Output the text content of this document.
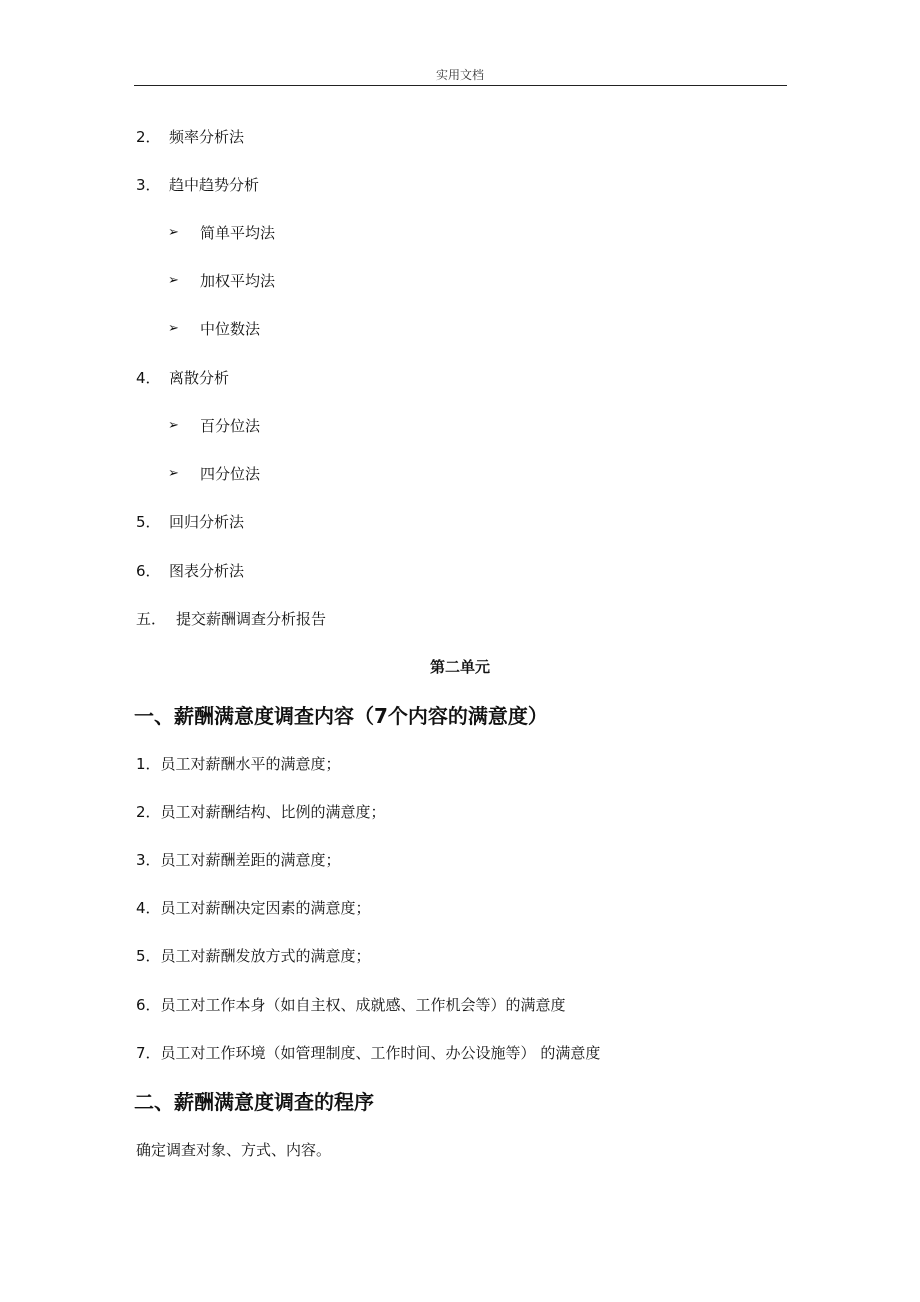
实用文档
2． 频率分析法
3． 趋中趋势分析
➢ 简单平均法
➢ 加权平均法
➢ 中位数法
4． 离散分析
➢ 百分位法
➢ 四分位法
5． 回归分析法
6． 图表分析法
五． 提交薪酬调查分析报告
第二单元
一、薪酬满意度调查内容（7个内容的满意度）
1．员工对薪酬水平的满意度；
2．员工对薪酬结构、比例的满意度；
3．员工对薪酬差距的满意度；
4．员工对薪酬决定因素的满意度；
5．员工对薪酬发放方式的满意度；
6．员工对工作本身（如自主权、成就感、工作机会等）的满意度
7．员工对工作环境（如管理制度、工作时间、办公设施等） 的满意度
二、薪酬满意度调查的程序
确定调查对象、方式、内容。
